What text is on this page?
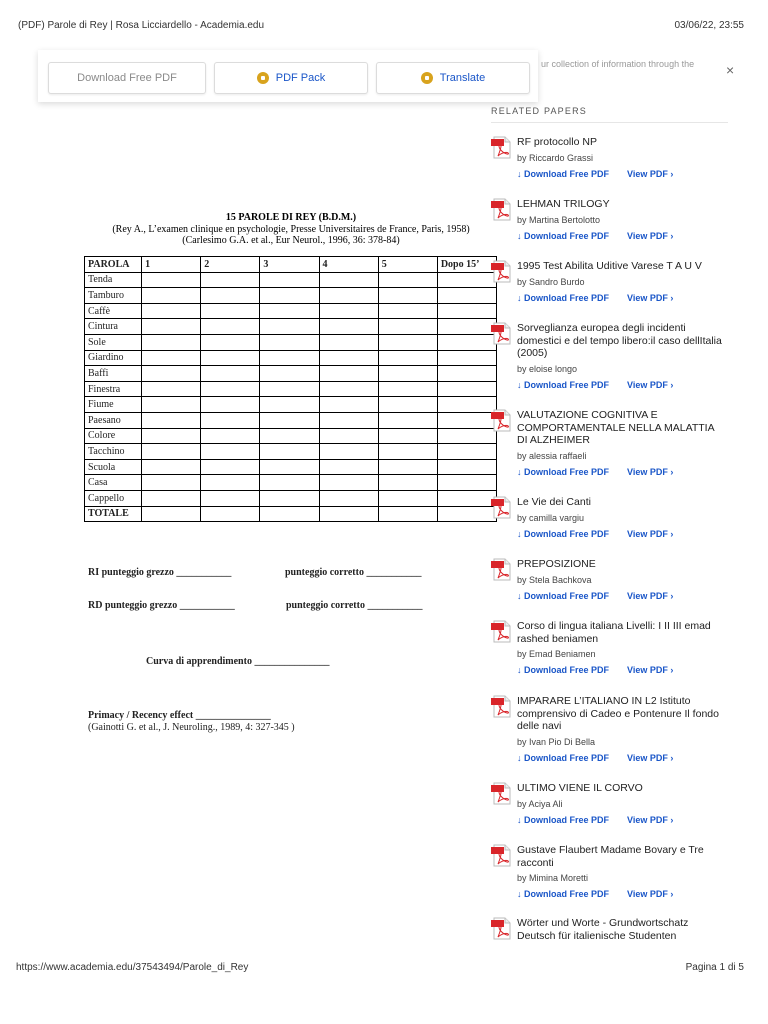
(PDF) Parole di Rey | Rosa Licciardello - Academia.edu	03/06/22, 23:55
ur collection of information through the	×
Download Free PDF	PDF Pack	Translate
15 PAROLE DI REY (B.D.M.)
(Rey A., L’examen clinique en psychologie, Presse Universitaires de France, Paris, 1958)
(Carlesimo G.A. et al., Eur Neurol., 1996, 36: 378-84)
PAROLA	1	2	3	4	5	Dopo 15’
Tenda						
Tamburo						
Caffè						
Cintura						
Sole						
Giardino						
Baffi						
Finestra						
Fiume						
Paesano						
Colore						
Tacchino						
Scuola						
Casa						
Cappello						
TOTALE						
RI punteggio grezzo ___________	punteggio corretto ___________
RD punteggio grezzo ___________	punteggio corretto ___________
Curva di apprendimento _______________
Primacy / Recency effect _______________
(Gainotti G. et al., J. Neuroling., 1989, 4: 327-345 )
RELATED PAPERS
RF protocollo NP
by Riccardo Grassi
↓ Download Free PDF View PDF ›
LEHMAN TRILOGY
by Martina Bertolotto
↓ Download Free PDF View PDF ›
1995 Test Abilita Uditive Varese T A U V
by Sandro Burdo
↓ Download Free PDF View PDF ›
Sorveglianza europea degli incidenti domestici e del tempo libero:il caso dellItalia (2005)
by eloise longo
↓ Download Free PDF View PDF ›
VALUTAZIONE COGNITIVA E COMPORTAMENTALE NELLA MALATTIA DI ALZHEIMER
by alessia raffaeli
↓ Download Free PDF View PDF ›
Le Vie dei Canti
by camilla vargiu
↓ Download Free PDF View PDF ›
PREPOSIZIONE
by Stela Bachkova
↓ Download Free PDF View PDF ›
Corso di lingua italiana Livelli: I II III emad rashed beniamen
by Emad Beniamen
↓ Download Free PDF View PDF ›
IMPARARE L’ITALIANO IN L2 Istituto comprensivo di Cadeo e Pontenure Il fondo delle navi
by Ivan Pio Di Bella
↓ Download Free PDF View PDF ›
ULTIMO VIENE IL CORVO
by Aciya Ali
↓ Download Free PDF View PDF ›
Gustave Flaubert Madame Bovary e Tre racconti
by Mimina Moretti
↓ Download Free PDF View PDF ›
Wörter und Worte - Grundwortschatz Deutsch für italienische Studenten
https://www.academia.edu/37543494/Parole_di_Rey	Pagina 1 di 5
